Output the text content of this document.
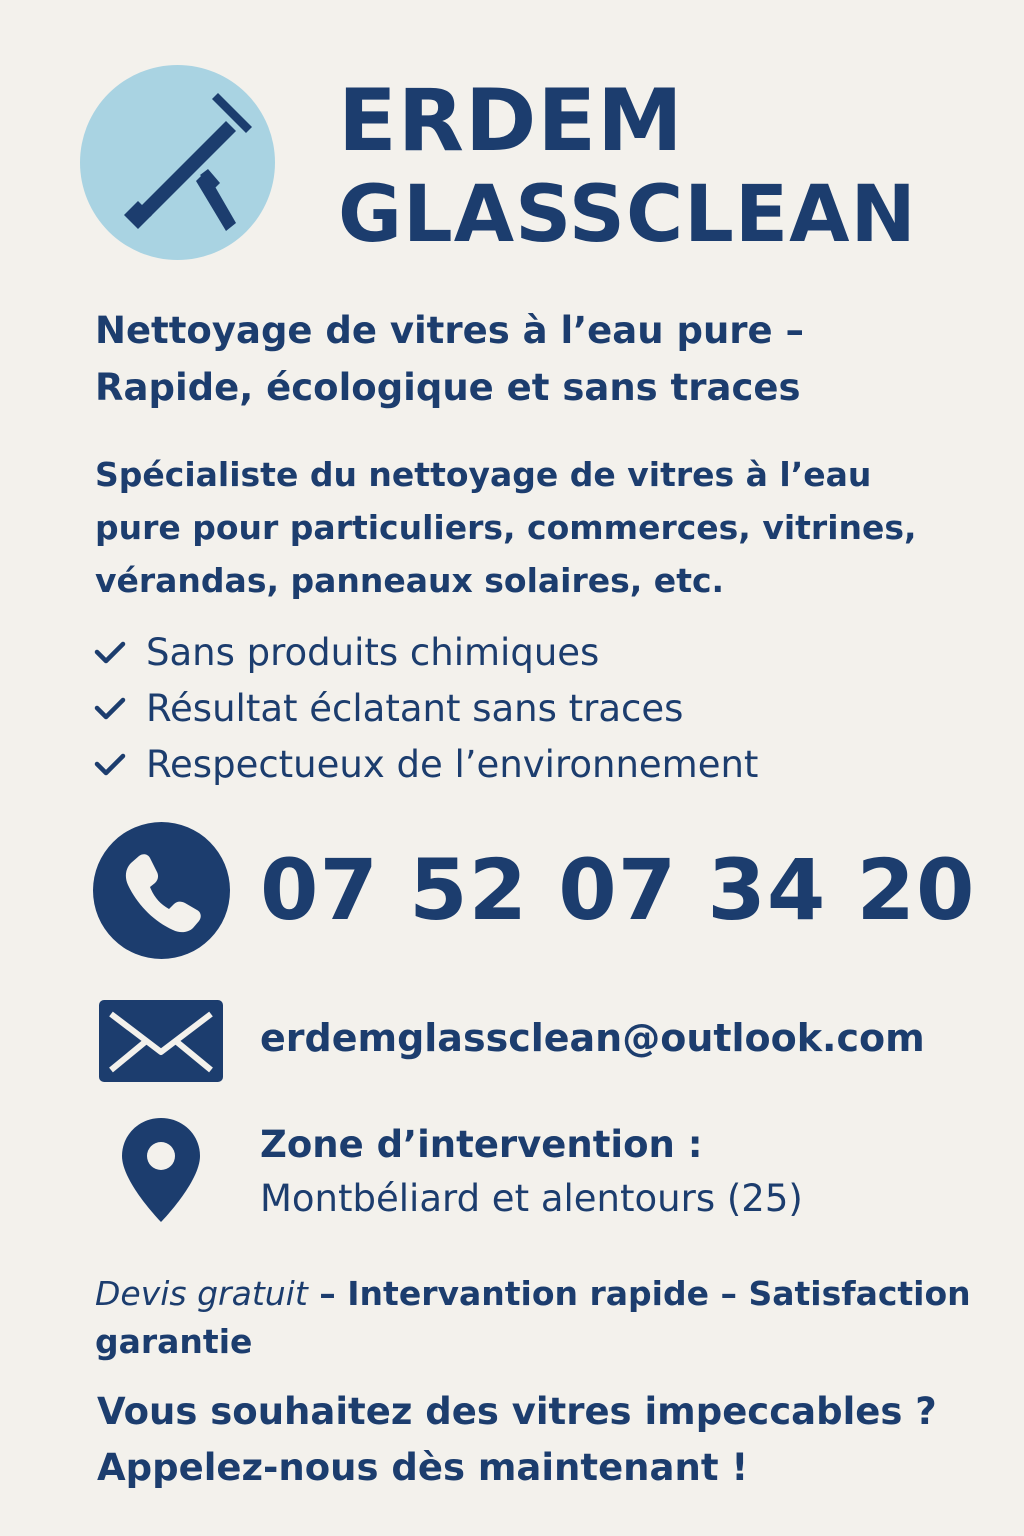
ERDEM
GLASSCLEAN
Nettoyage de vitres à l’eau pure –
Rapide, écologique et sans traces
Spécialiste du nettoyage de vitres à l’eau
pure pour particuliers, commerces, vitrines,
vérandas, panneaux solaires, etc.
Sans produits chimiques
Résultat éclatant sans traces
Respectueux de l’environnement
07 52 07 34 20
erdemglassclean@outlook.com
Zone d’intervention :
Montbéliard et alentours (25)
Devis gratuit – Intervantion rapide – Satisfaction garantie
Vous souhaitez des vitres impeccables ?
Appelez-nous dès maintenant !
